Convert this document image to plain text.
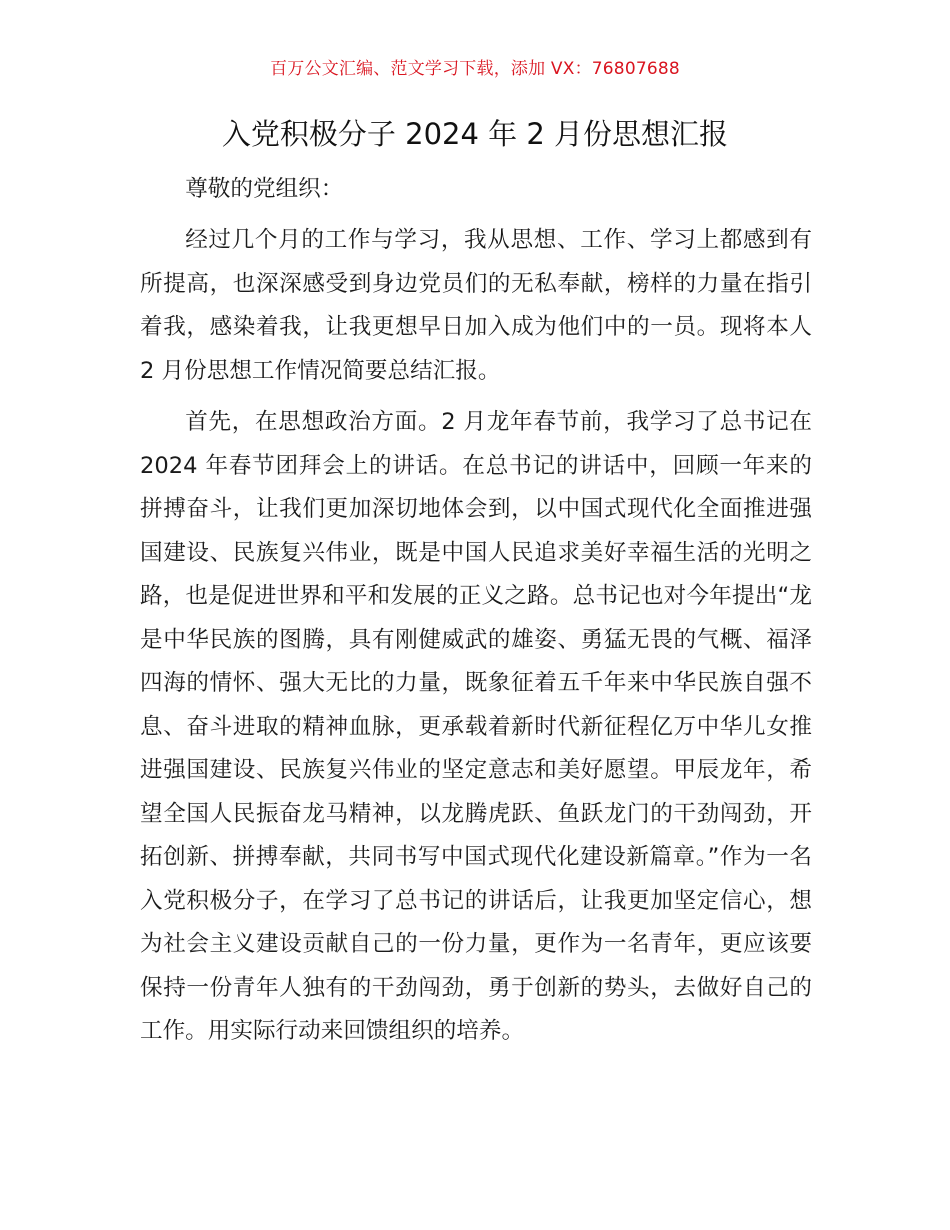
百万公文汇编、范文学习下载，添加 VX：76807688
入党积极分子 2024 年 2 月份思想汇报

尊敬的党组织：

经过几个月的工作与学习，我从思想、工作、学习上都感到有所提高，也深深感受到身边党员们的无私奉献，榜样的力量在指引着我，感染着我，让我更想早日加入成为他们中的一员。现将本人 2 月份思想工作情况简要总结汇报。

首先，在思想政治方面。2 月龙年春节前，我学习了总书记在 2024 年春节团拜会上的讲话。在总书记的讲话中，回顾一年来的拼搏奋斗，让我们更加深切地体会到，以中国式现代化全面推进强国建设、民族复兴伟业，既是中国人民追求美好幸福生活的光明之路，也是促进世界和平和发展的正义之路。总书记也对今年提出“龙是中华民族的图腾，具有刚健威武的雄姿、勇猛无畏的气概、福泽四海的情怀、强大无比的力量，既象征着五千年来中华民族自强不息、奋斗进取的精神血脉，更承载着新时代新征程亿万中华儿女推进强国建设、民族复兴伟业的坚定意志和美好愿望。甲辰龙年，希望全国人民振奋龙马精神，以龙腾虎跃、鱼跃龙门的干劲闯劲，开拓创新、拼搏奉献，共同书写中国式现代化建设新篇章。”作为一名入党积极分子，在学习了总书记的讲话后，让我更加坚定信心，想为社会主义建设贡献自己的一份力量，更作为一名青年，更应该要保持一份青年人独有的干劲闯劲，勇于创新的势头，去做好自己的工作。用实际行动来回馈组织的培养。
